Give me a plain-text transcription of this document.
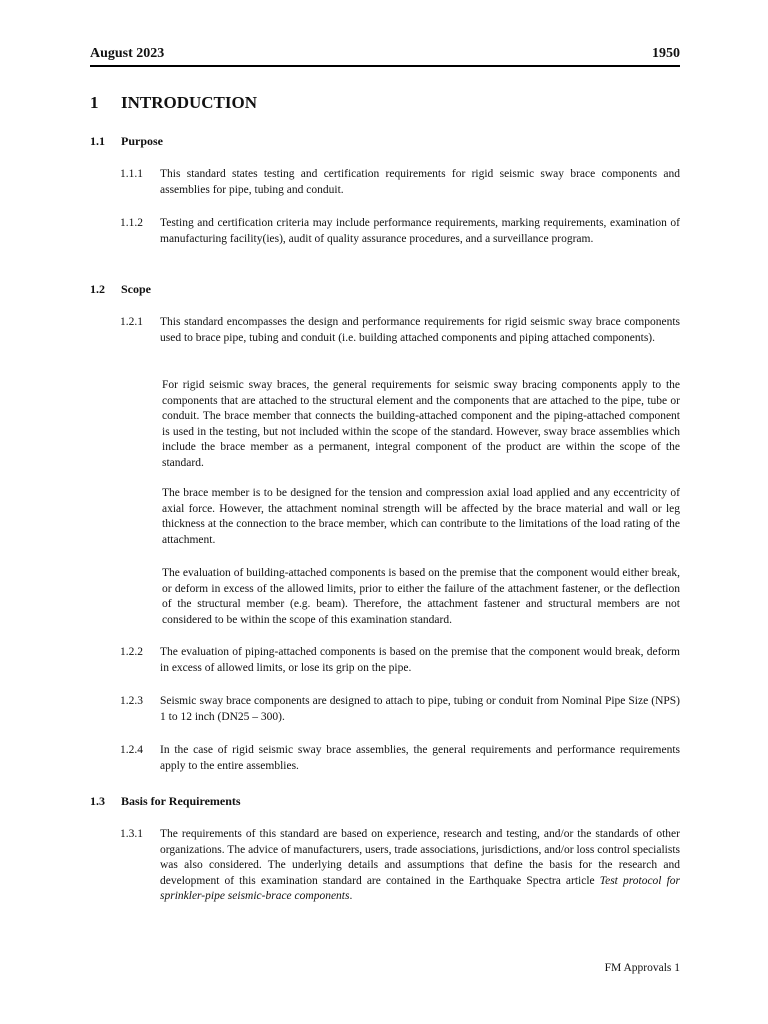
August 2023	1950
1 INTRODUCTION
1.1 Purpose
1.1.1	This standard states testing and certification requirements for rigid seismic sway brace components and assemblies for pipe, tubing and conduit.
1.1.2	Testing and certification criteria may include performance requirements, marking requirements, examination of manufacturing facility(ies), audit of quality assurance procedures, and a surveillance program.
1.2 Scope
1.2.1	This standard encompasses the design and performance requirements for rigid seismic sway brace components used to brace pipe, tubing and conduit (i.e. building attached components and piping attached components).
For rigid seismic sway braces, the general requirements for seismic sway bracing components apply to the components that are attached to the structural element and the components that are attached to the pipe, tube or conduit. The brace member that connects the building-attached component and the piping-attached component is used in the testing, but not included within the scope of the standard. However, sway brace assemblies which include the brace member as a permanent, integral component of the product are within the scope of the standard.
The brace member is to be designed for the tension and compression axial load applied and any eccentricity of axial force. However, the attachment nominal strength will be affected by the brace material and wall or leg thickness at the connection to the brace member, which can contribute to the limitations of the load rating of the attachment.
The evaluation of building-attached components is based on the premise that the component would either break, or deform in excess of the allowed limits, prior to either the failure of the attachment fastener, or the deflection of the structural member (e.g. beam). Therefore, the attachment fastener and structural members are not considered to be within the scope of this examination standard.
1.2.2	The evaluation of piping-attached components is based on the premise that the component would break, deform in excess of allowed limits, or lose its grip on the pipe.
1.2.3	Seismic sway brace components are designed to attach to pipe, tubing or conduit from Nominal Pipe Size (NPS) 1 to 12 inch (DN25 – 300).
1.2.4	In the case of rigid seismic sway brace assemblies, the general requirements and performance requirements apply to the entire assemblies.
1.3 Basis for Requirements
1.3.1	The requirements of this standard are based on experience, research and testing, and/or the standards of other organizations. The advice of manufacturers, users, trade associations, jurisdictions, and/or loss control specialists was also considered. The underlying details and assumptions that define the basis for the research and development of this examination standard are contained in the Earthquake Spectra article Test protocol for sprinkler-pipe seismic-brace components.
FM Approvals 1
